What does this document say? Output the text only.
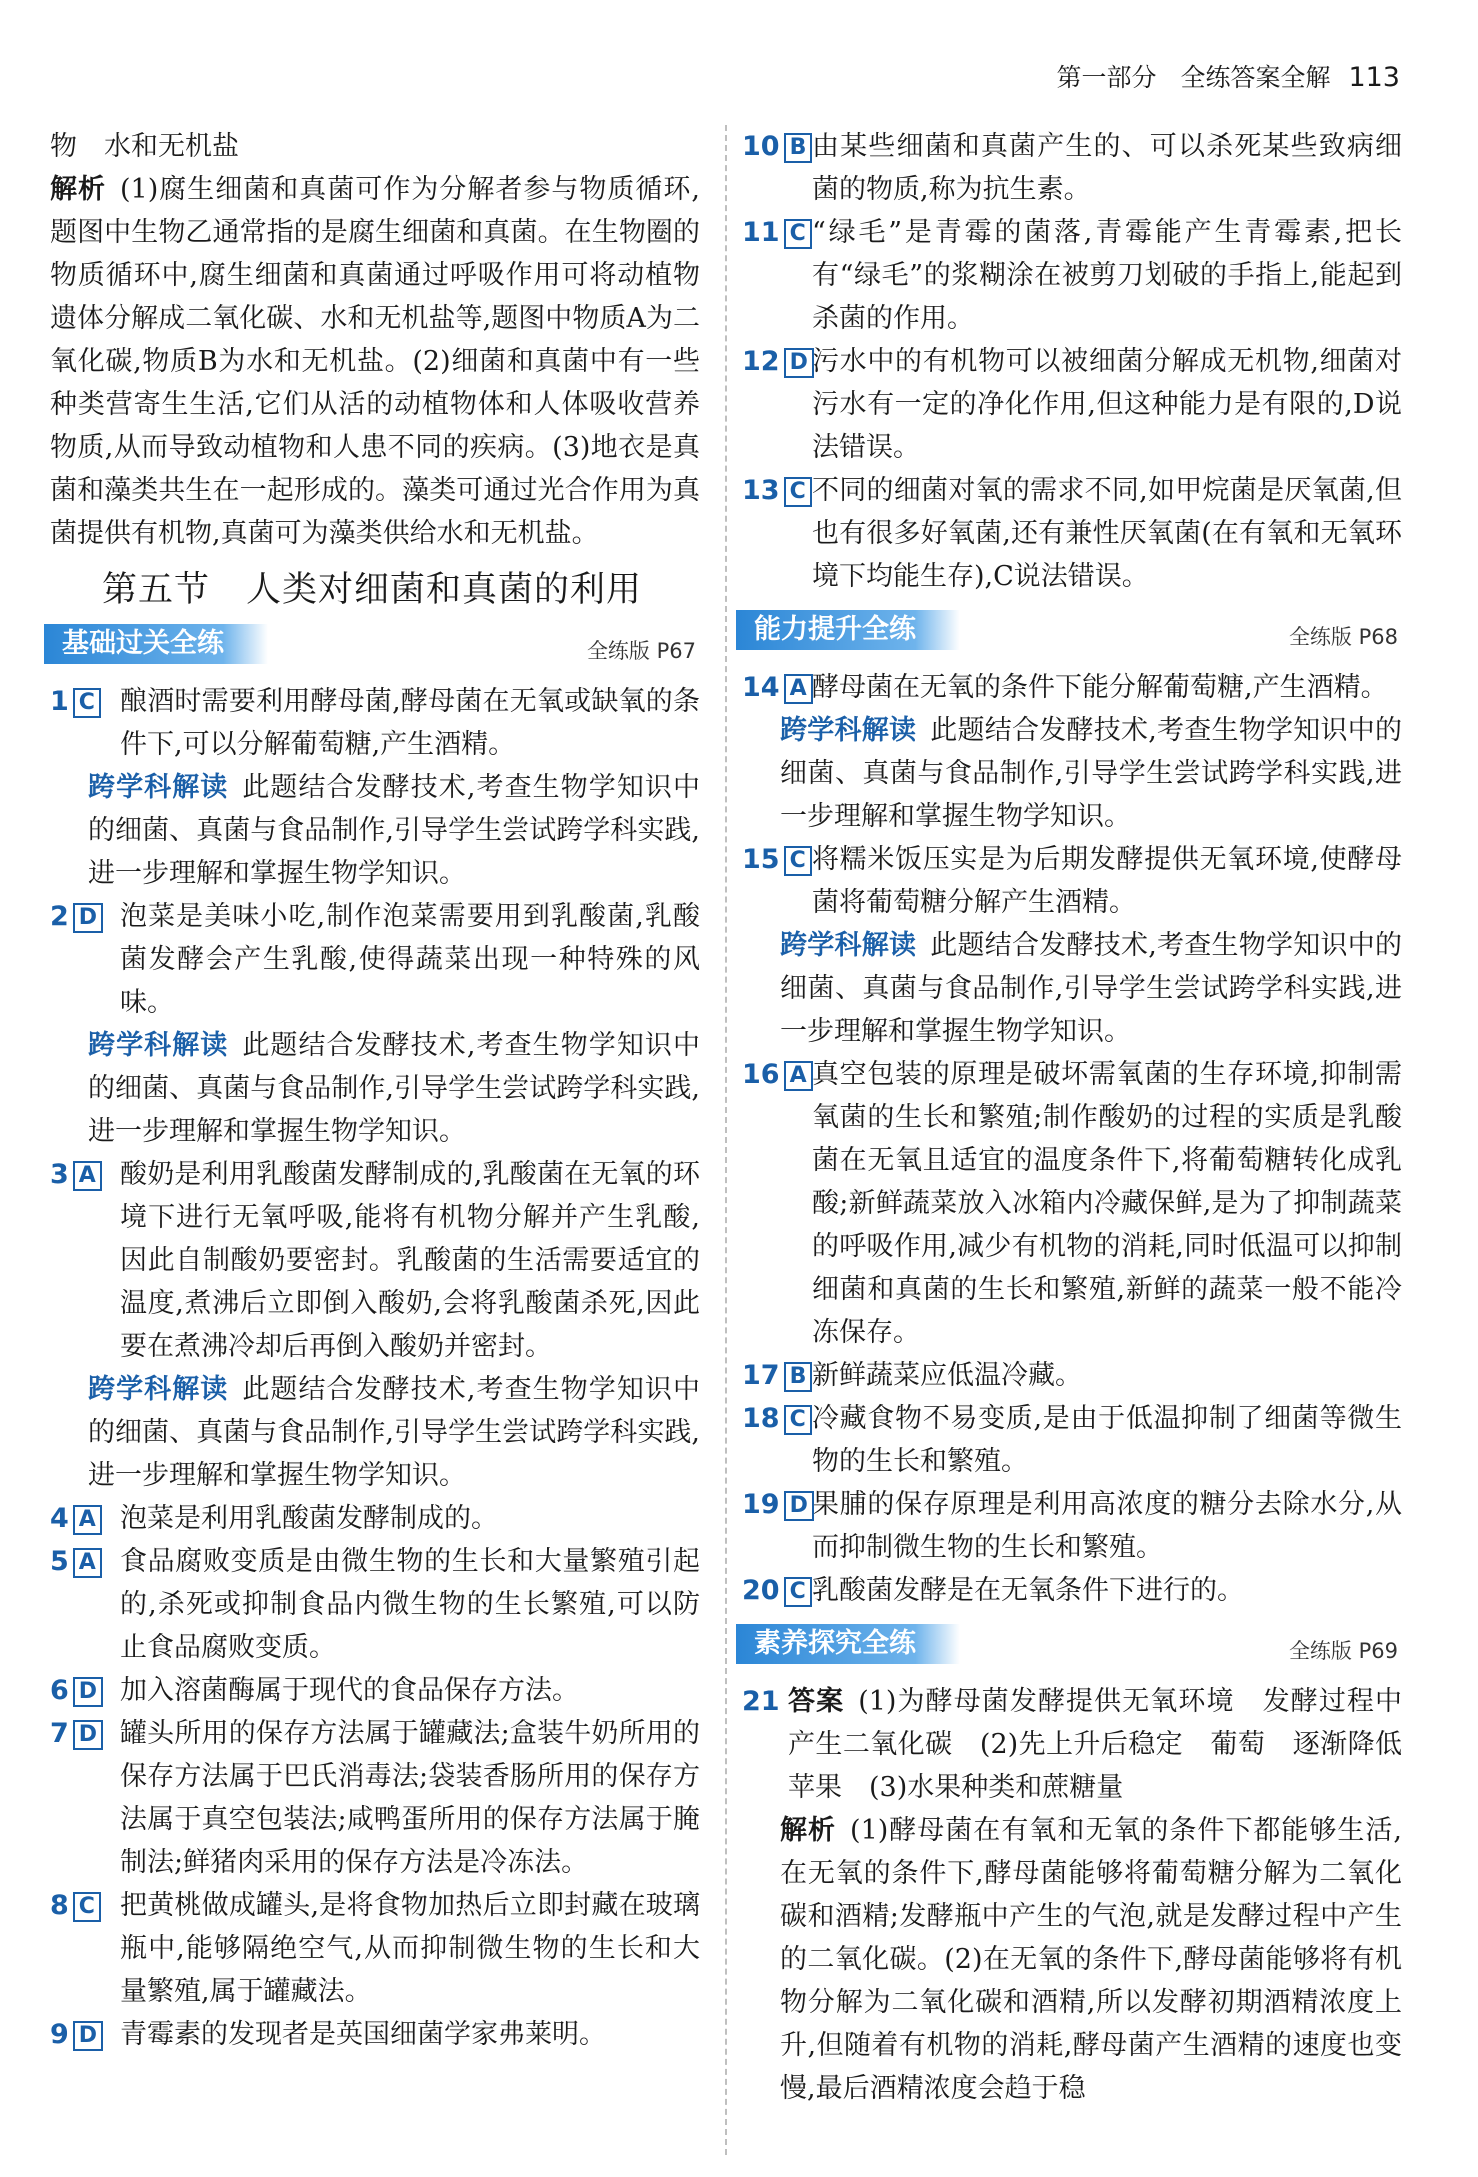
第一部分 全练答案全解 113

物　水和无机盐

解析 (1)腐生细菌和真菌可作为分解者参与物质循环,题图中生物乙通常指的是腐生细菌和真菌。在生物圈的物质循环中,腐生细菌和真菌通过呼吸作用可将动植物遗体分解成二氧化碳、水和无机盐等,题图中物质A为二氧化碳,物质B为水和无机盐。(2)细菌和真菌中有一些种类营寄生生活,它们从活的动植物体和人体吸收营养物质,从而导致动植物和人患不同的疾病。(3)地衣是真菌和藻类共生在一起形成的。藻类可通过光合作用为真菌提供有机物,真菌可为藻类供给水和无机盐。

第五节　人类对细菌和真菌的利用
基础过关全练	全练版 P67
1 C 酿酒时需要利用酵母菌,酵母菌在无氧或缺氧的条件下,可以分解葡萄糖,产生酒精。

跨学科解读 此题结合发酵技术,考查生物学知识中的细菌、真菌与食品制作,引导学生尝试跨学科实践,进一步理解和掌握生物学知识。

2 D 泡菜是美味小吃,制作泡菜需要用到乳酸菌,乳酸菌发酵会产生乳酸,使得蔬菜出现一种特殊的风味。

跨学科解读 此题结合发酵技术,考查生物学知识中的细菌、真菌与食品制作,引导学生尝试跨学科实践,进一步理解和掌握生物学知识。

3 A 酸奶是利用乳酸菌发酵制成的,乳酸菌在无氧的环境下进行无氧呼吸,能将有机物分解并产生乳酸,因此自制酸奶要密封。乳酸菌的生活需要适宜的温度,煮沸后立即倒入酸奶,会将乳酸菌杀死,因此要在煮沸冷却后再倒入酸奶并密封。

跨学科解读 此题结合发酵技术,考查生物学知识中的细菌、真菌与食品制作,引导学生尝试跨学科实践,进一步理解和掌握生物学知识。

4 A 泡菜是利用乳酸菌发酵制成的。

5 A 食品腐败变质是由微生物的生长和大量繁殖引起的,杀死或抑制食品内微生物的生长繁殖,可以防止食品腐败变质。

6 D 加入溶菌酶属于现代的食品保存方法。

7 D 罐头所用的保存方法属于罐藏法;盒装牛奶所用的保存方法属于巴氏消毒法;袋装香肠所用的保存方法属于真空包装法;咸鸭蛋所用的保存方法属于腌制法;鲜猪肉采用的保存方法是冷冻法。

8 C 把黄桃做成罐头,是将食物加热后立即封藏在玻璃瓶中,能够隔绝空气,从而抑制微生物的生长和大量繁殖,属于罐藏法。

9 D 青霉素的发现者是英国细菌学家弗莱明。

10 B 由某些细菌和真菌产生的、可以杀死某些致病细菌的物质,称为抗生素。

11 C “绿毛”是青霉的菌落,青霉能产生青霉素,把长有“绿毛”的浆糊涂在被剪刀划破的手指上,能起到杀菌的作用。

12 D 污水中的有机物可以被细菌分解成无机物,细菌对污水有一定的净化作用,但这种能力是有限的,D说法错误。

13 C 不同的细菌对氧的需求不同,如甲烷菌是厌氧菌,但也有很多好氧菌,还有兼性厌氧菌(在有氧和无氧环境下均能生存),C说法错误。

能力提升全练	全练版 P68
14 A 酵母菌在无氧的条件下能分解葡萄糖,产生酒精。

跨学科解读 此题结合发酵技术,考查生物学知识中的细菌、真菌与食品制作,引导学生尝试跨学科实践,进一步理解和掌握生物学知识。

15 C 将糯米饭压实是为后期发酵提供无氧环境,使酵母菌将葡萄糖分解产生酒精。

跨学科解读 此题结合发酵技术,考查生物学知识中的细菌、真菌与食品制作,引导学生尝试跨学科实践,进一步理解和掌握生物学知识。

16 A 真空包装的原理是破坏需氧菌的生存环境,抑制需氧菌的生长和繁殖;制作酸奶的过程的实质是乳酸菌在无氧且适宜的温度条件下,将葡萄糖转化成乳酸;新鲜蔬菜放入冰箱内冷藏保鲜,是为了抑制蔬菜的呼吸作用,减少有机物的消耗,同时低温可以抑制细菌和真菌的生长和繁殖,新鲜的蔬菜一般不能冷冻保存。

17 B 新鲜蔬菜应低温冷藏。

18 C 冷藏食物不易变质,是由于低温抑制了细菌等微生物的生长和繁殖。

19 D 果脯的保存原理是利用高浓度的糖分去除水分,从而抑制微生物的生长和繁殖。

20 C 乳酸菌发酵是在无氧条件下进行的。

素养探究全练	全练版 P69
21 答案 (1)为酵母菌发酵提供无氧环境　发酵过程中产生二氧化碳　(2)先上升后稳定　葡萄　逐渐降低　苹果　(3)水果种类和蔗糖量

解析 (1)酵母菌在有氧和无氧的条件下都能够生活,在无氧的条件下,酵母菌能够将葡萄糖分解为二氧化碳和酒精;发酵瓶中产生的气泡,就是发酵过程中产生的二氧化碳。(2)在无氧的条件下,酵母菌能够将有机物分解为二氧化碳和酒精,所以发酵初期酒精浓度上升,但随着有机物的消耗,酵母菌产生酒精的速度也变慢,最后酒精浓度会趋于稳
